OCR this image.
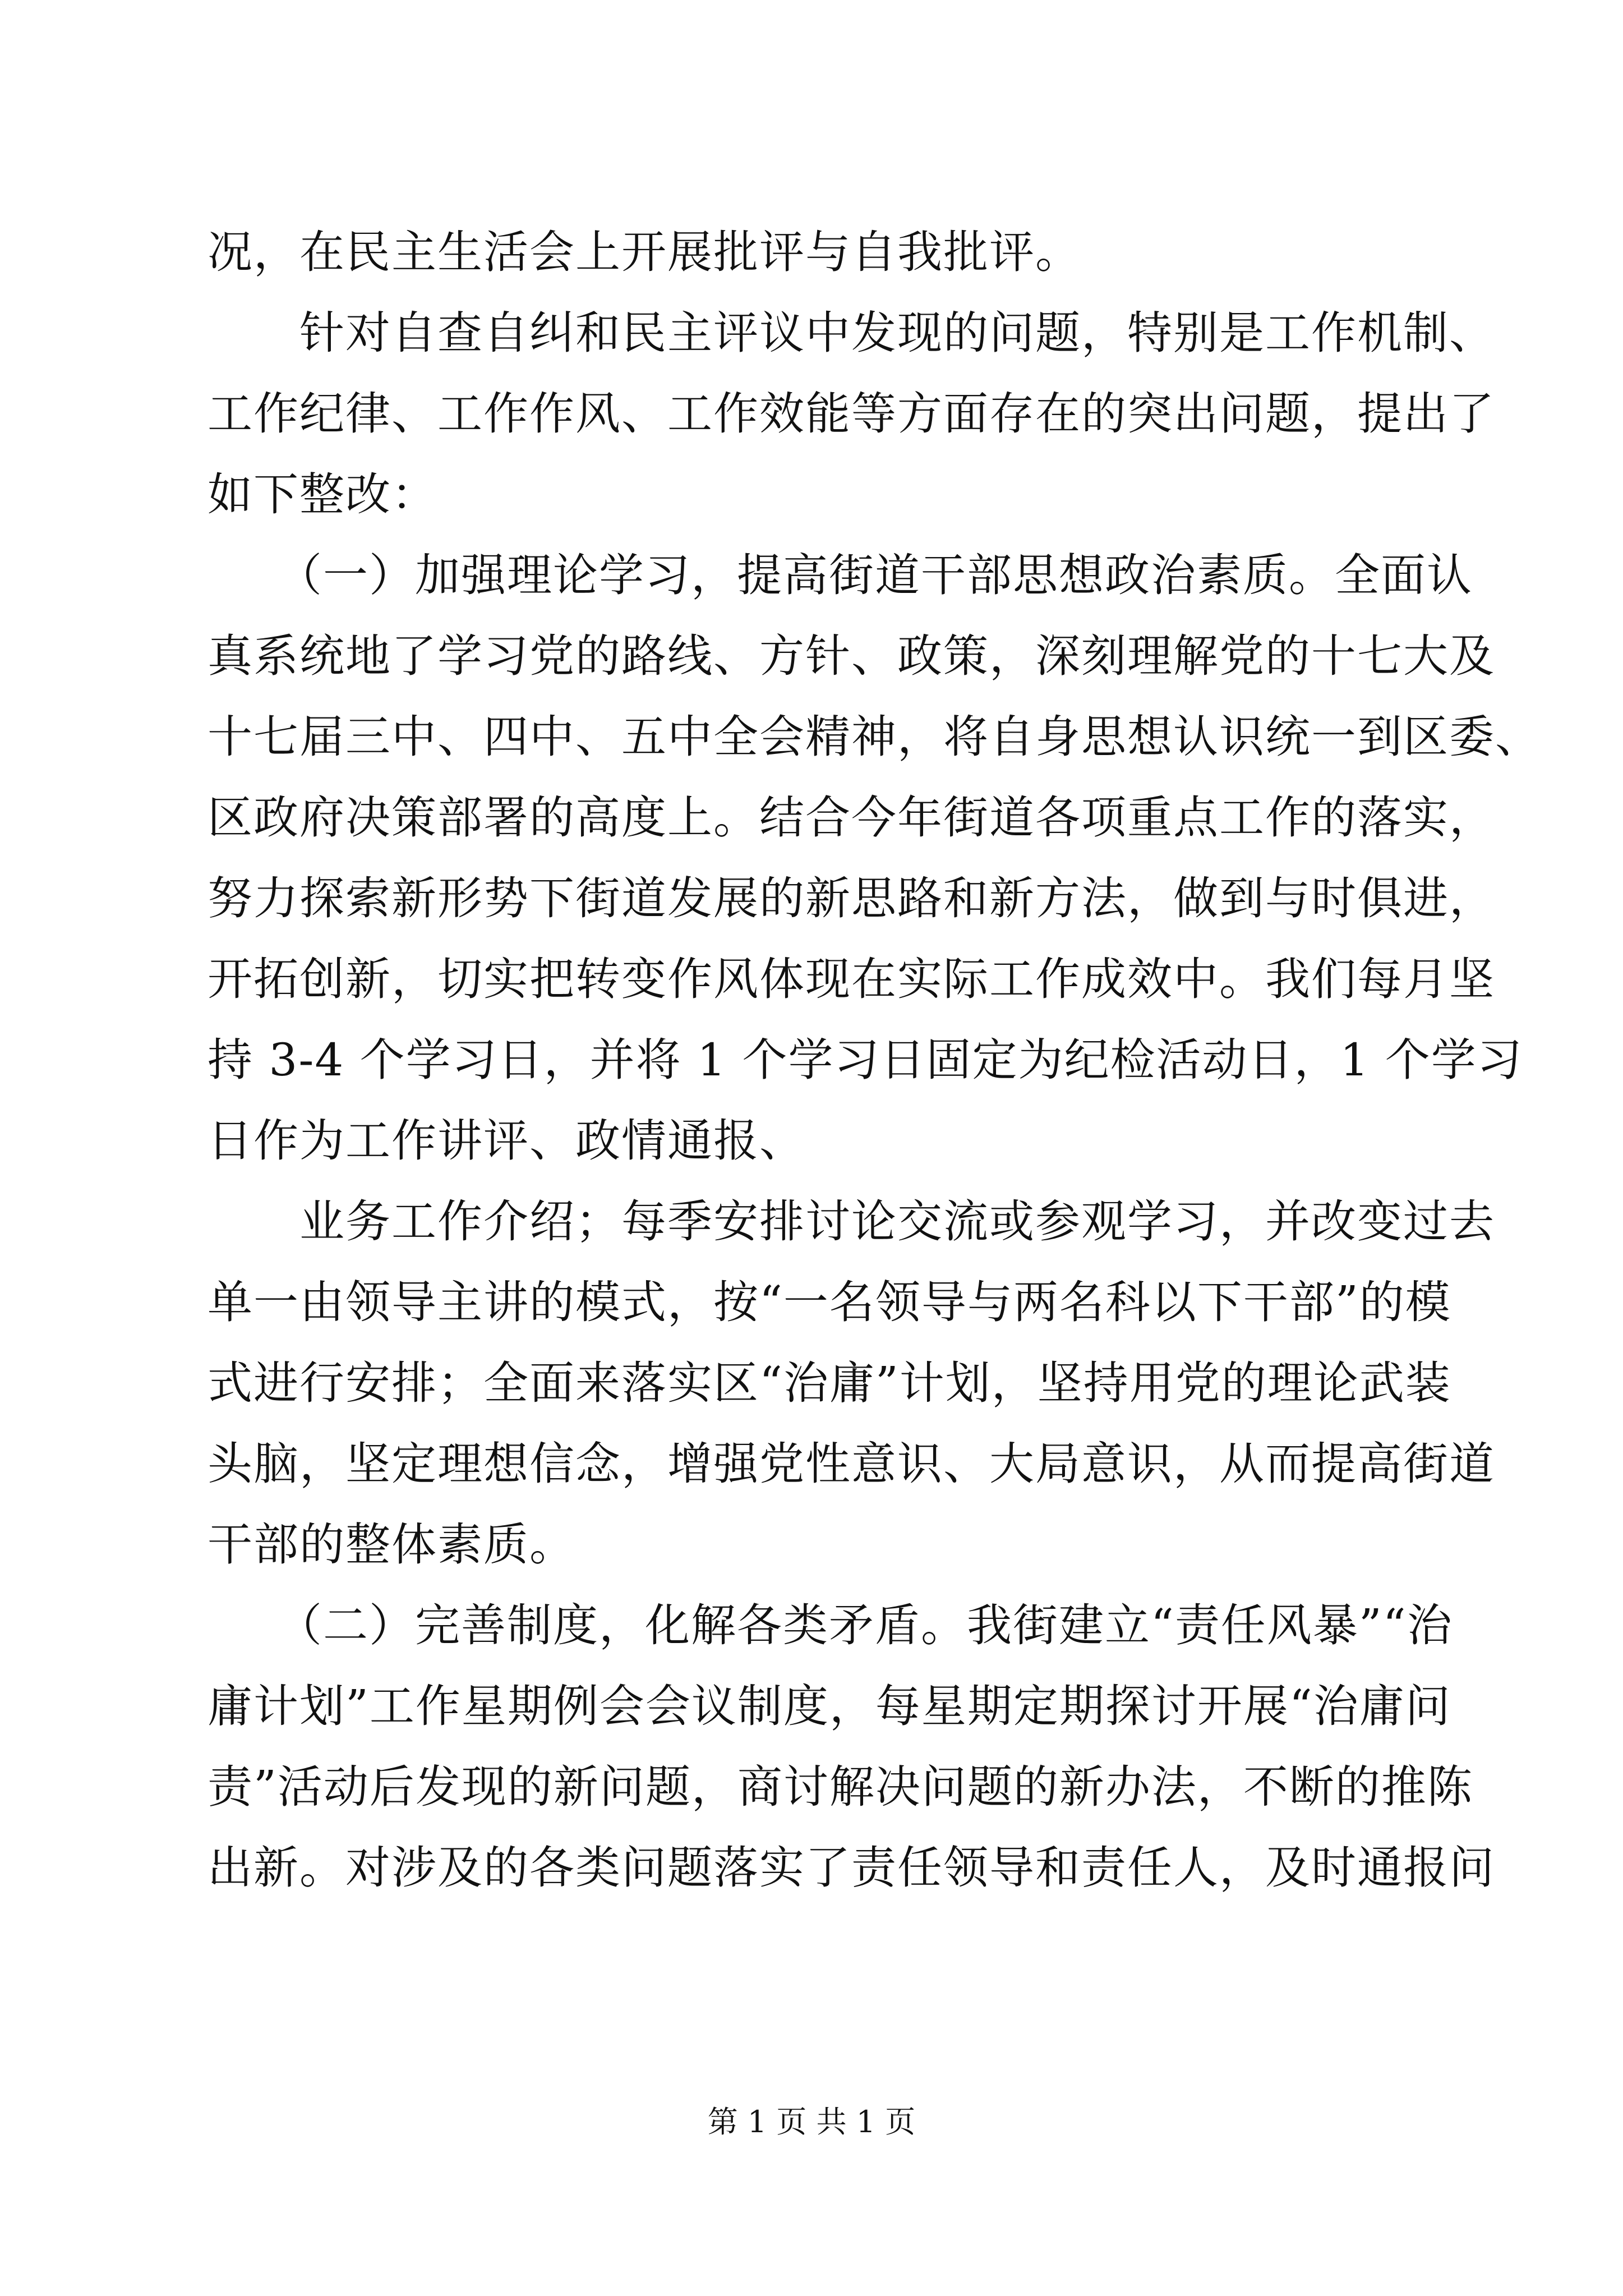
况，在民主生活会上开展批评与自我批评。
　　针对自查自纠和民主评议中发现的问题，特别是工作机制、
工作纪律、工作作风、工作效能等方面存在的突出问题，提出了
如下整改：
　　（一）加强理论学习，提高街道干部思想政治素质。全面认
真系统地了学习党的路线、方针、政策，深刻理解党的十七大及
十七届三中、四中、五中全会精神，将自身思想认识统一到区委、
区政府决策部署的高度上。结合今年街道各项重点工作的落实，
努力探索新形势下街道发展的新思路和新方法，做到与时俱进，
开拓创新，切实把转变作风体现在实际工作成效中。我们每月坚
持 3-4 个学习日，并将 1 个学习日固定为纪检活动日，1 个学习
日作为工作讲评、政情通报、
　　业务工作介绍；每季安排讨论交流或参观学习，并改变过去
单一由领导主讲的模式，按“一名领导与两名科以下干部”的模
式进行安排；全面来落实区“治庸”计划，坚持用党的理论武装
头脑，坚定理想信念，增强党性意识、大局意识，从而提高街道
干部的整体素质。
　　（二）完善制度，化解各类矛盾。我街建立“责任风暴”“治
庸计划”工作星期例会会议制度，每星期定期探讨开展“治庸问
责”活动后发现的新问题，商讨解决问题的新办法，不断的推陈
出新。对涉及的各类问题落实了责任领导和责任人，及时通报问
第 1 页 共 1 页
